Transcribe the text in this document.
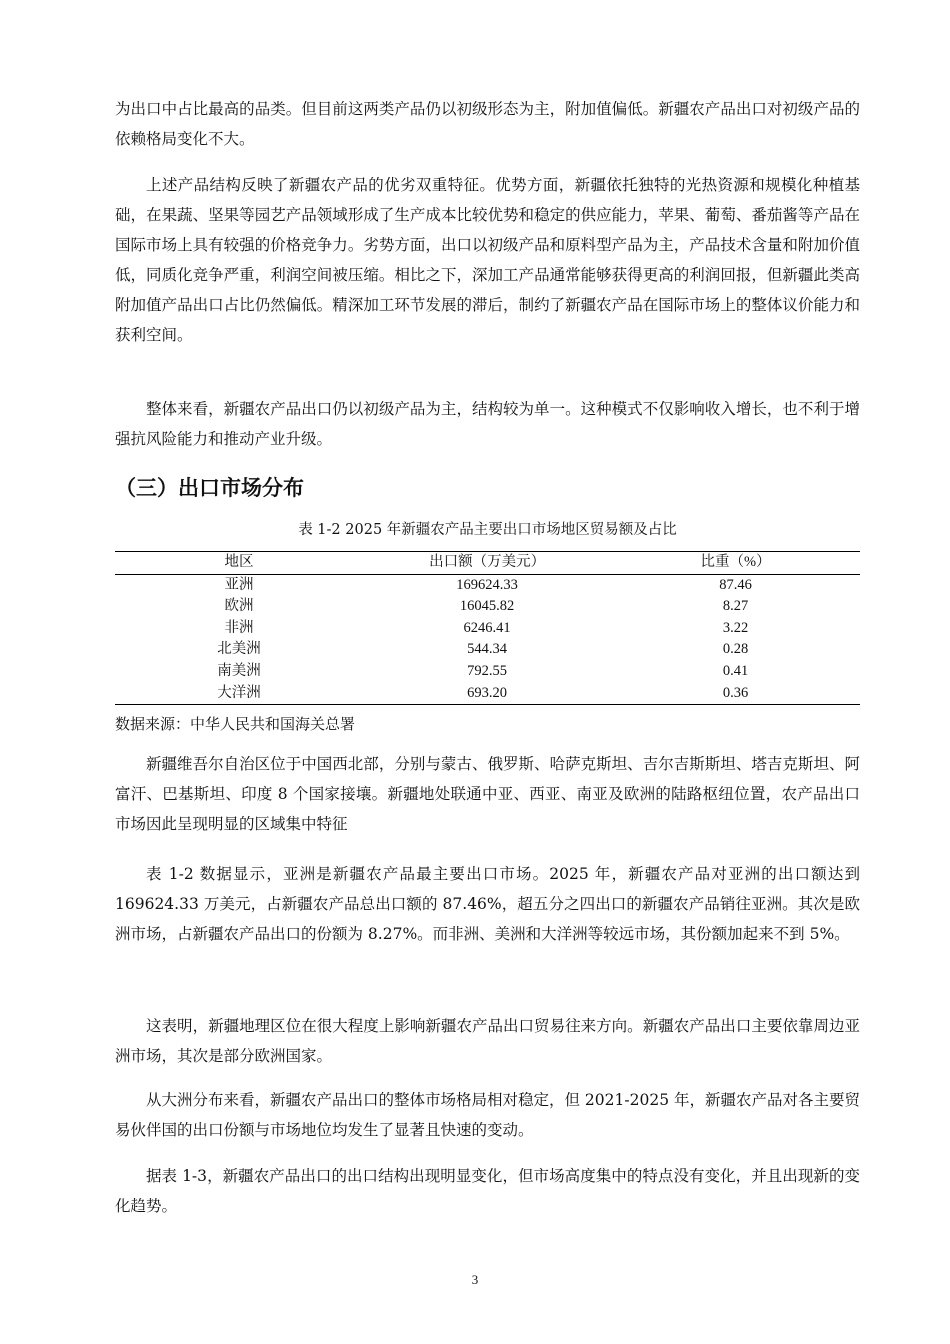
为出口中占比最高的品类。但目前这两类产品仍以初级形态为主，附加值偏低。新疆农产品出口对初级产品的依赖格局变化不大。

上述产品结构反映了新疆农产品的优劣双重特征。优势方面，新疆依托独特的光热资源和规模化种植基础，在果蔬、坚果等园艺产品领域形成了生产成本比较优势和稳定的供应能力，苹果、葡萄、番茄酱等产品在国际市场上具有较强的价格竞争力。劣势方面，出口以初级产品和原料型产品为主，产品技术含量和附加价值低，同质化竞争严重，利润空间被压缩。相比之下，深加工产品通常能够获得更高的利润回报，但新疆此类高附加值产品出口占比仍然偏低。精深加工环节发展的滞后，制约了新疆农产品在国际市场上的整体议价能力和获利空间。

整体来看，新疆农产品出口仍以初级产品为主，结构较为单一。这种模式不仅影响收入增长，也不利于增强抗风险能力和推动产业升级。

（三）出口市场分布

表 1-2 2025 年新疆农产品主要出口市场地区贸易额及占比

地区	出口额（万美元）	比重（%）
亚洲	169624.33	87.46
欧洲	16045.82	8.27
非洲	6246.41	3.22
北美洲	544.34	0.28
南美洲	792.55	0.41
大洋洲	693.20	0.36

数据来源：中华人民共和国海关总署

新疆维吾尔自治区位于中国西北部，分别与蒙古、俄罗斯、哈萨克斯坦、吉尔吉斯斯坦、塔吉克斯坦、阿富汗、巴基斯坦、印度 8 个国家接壤。新疆地处联通中亚、西亚、南亚及欧洲的陆路枢纽位置，农产品出口市场因此呈现明显的区域集中特征

表 1-2 数据显示，亚洲是新疆农产品最主要出口市场。2025 年，新疆农产品对亚洲的出口额达到 169624.33 万美元，占新疆农产品总出口额的 87.46%，超五分之四出口的新疆农产品销往亚洲。其次是欧洲市场，占新疆农产品出口的份额为 8.27%。而非洲、美洲和大洋洲等较远市场，其份额加起来不到 5%。

这表明，新疆地理区位在很大程度上影响新疆农产品出口贸易往来方向。新疆农产品出口主要依靠周边亚洲市场，其次是部分欧洲国家。

从大洲分布来看，新疆农产品出口的整体市场格局相对稳定，但 2021-2025 年，新疆农产品对各主要贸易伙伴国的出口份额与市场地位均发生了显著且快速的变动。

据表 1-3，新疆农产品出口的出口结构出现明显变化，但市场高度集中的特点没有变化，并且出现新的变化趋势。

3
